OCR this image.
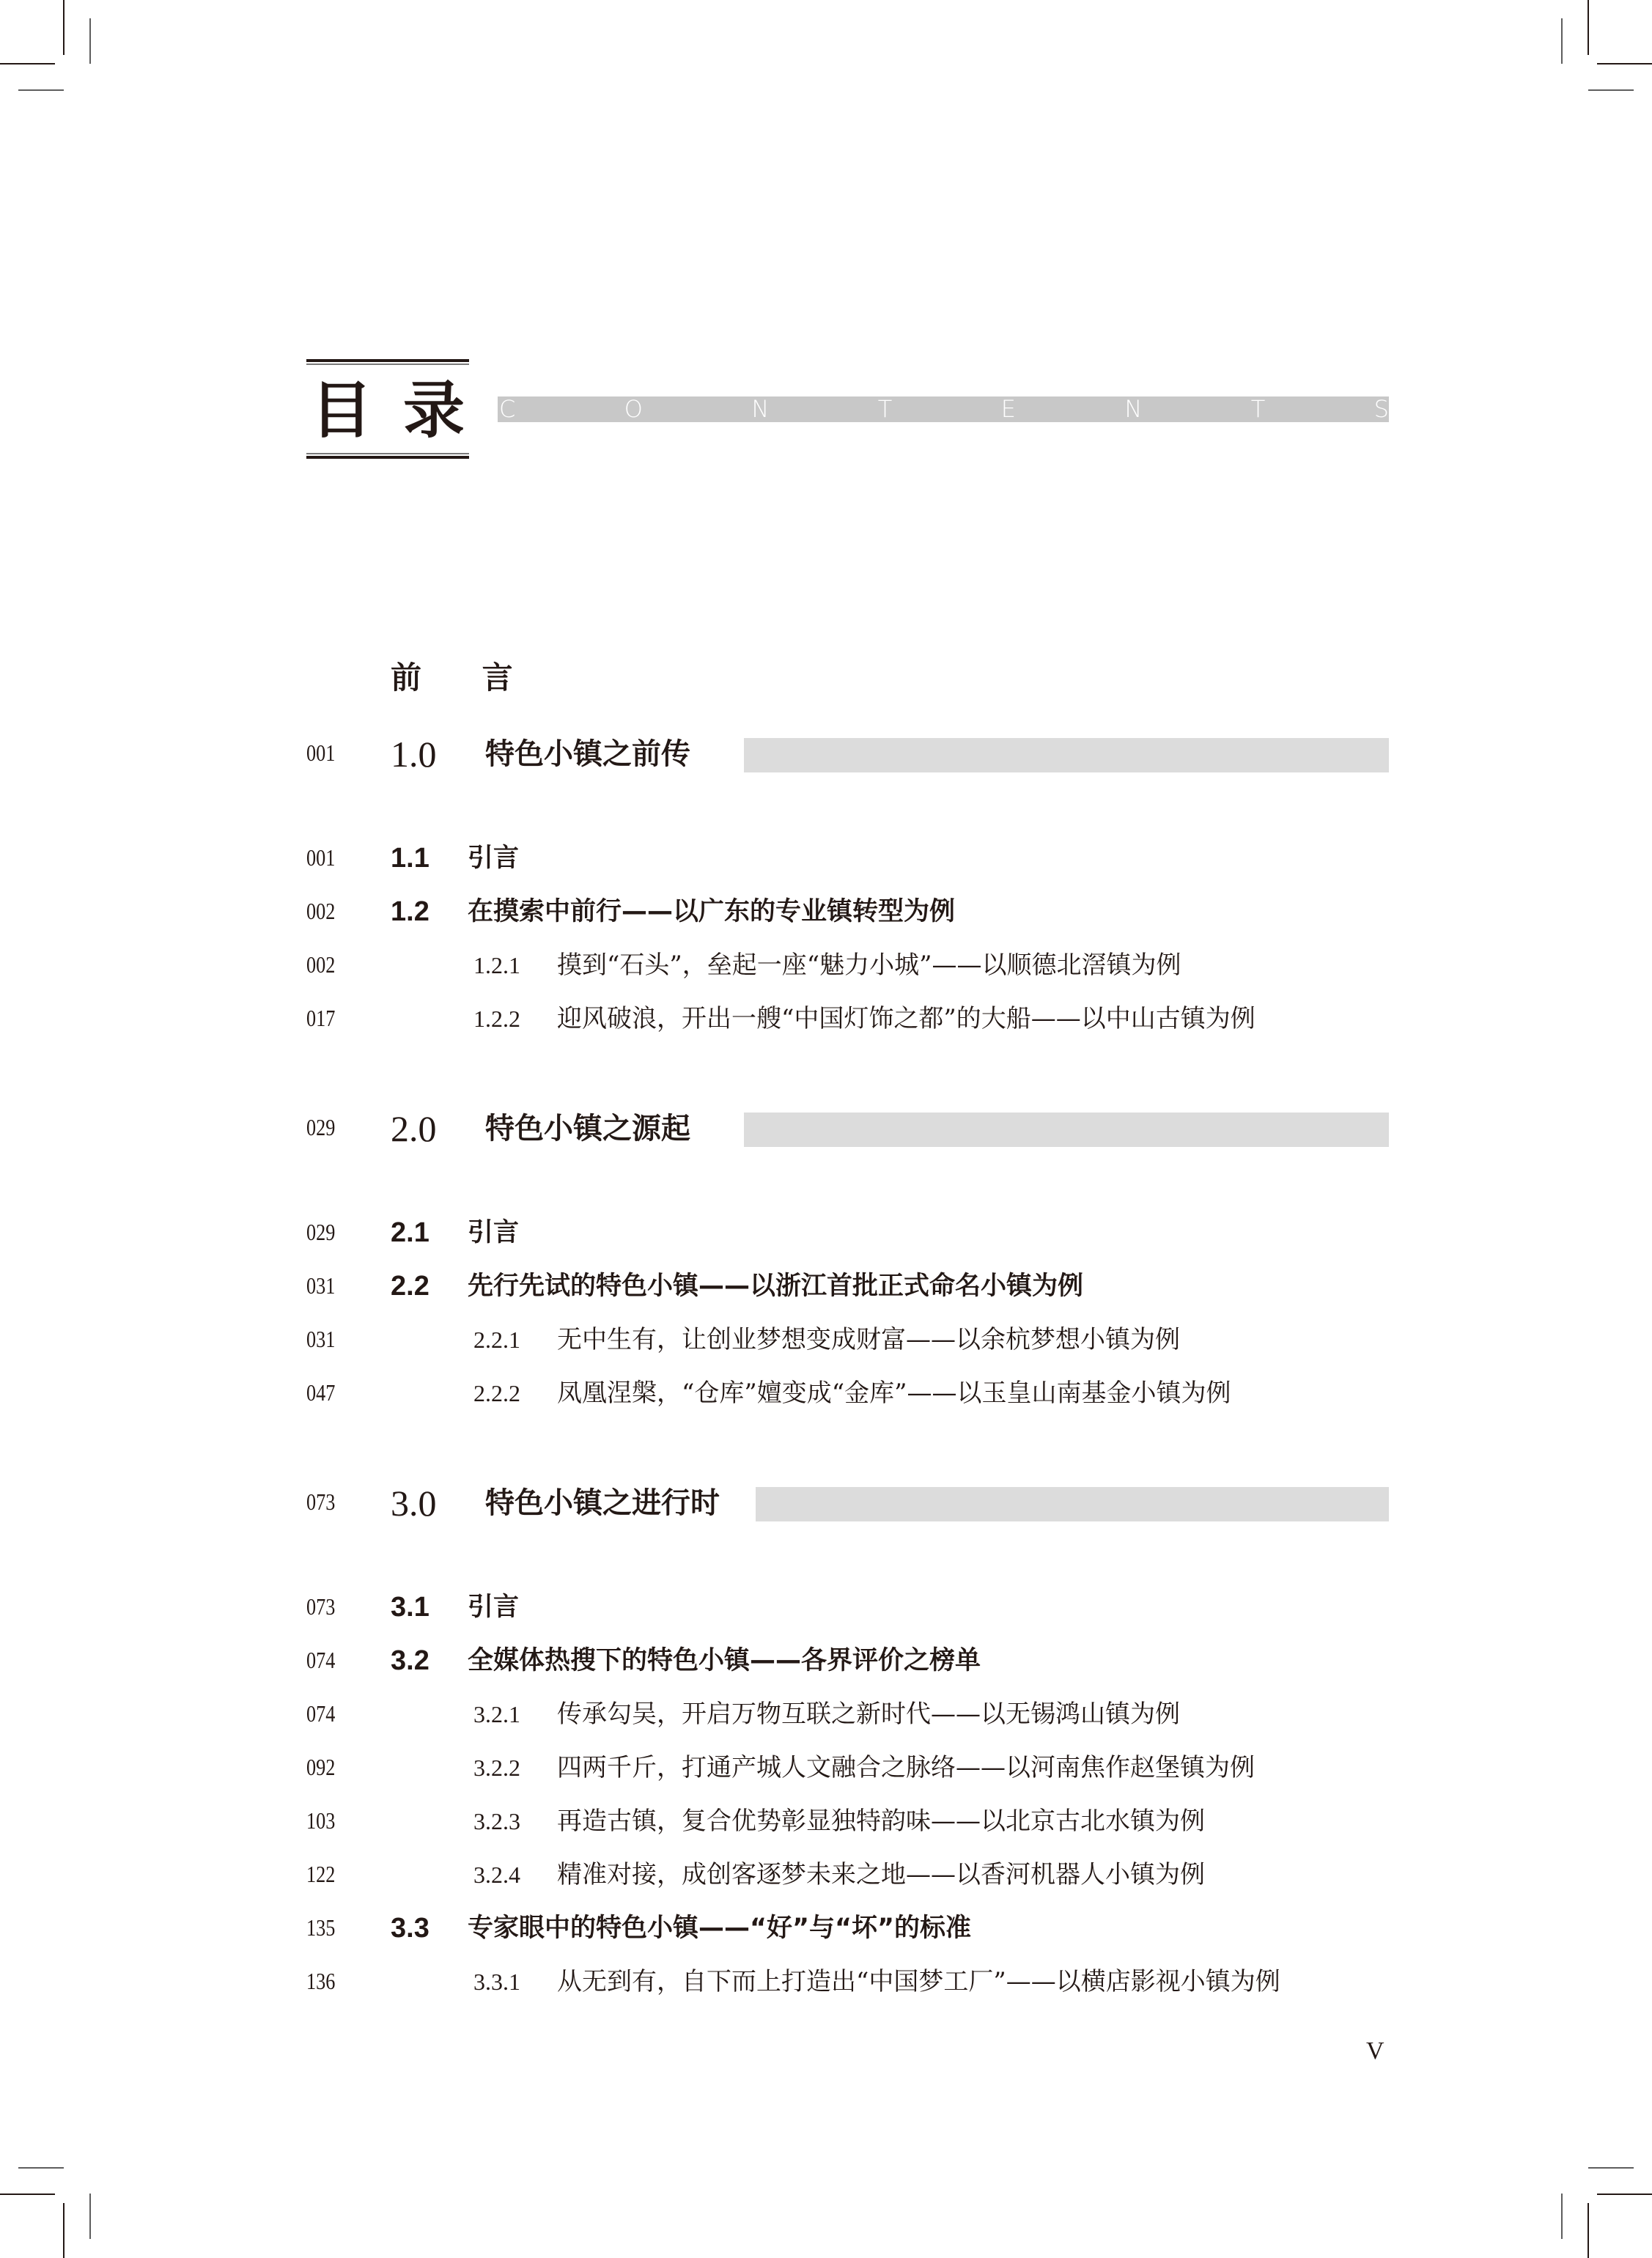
目 录 C	O	N	T	E	N	T	S
前 言
001 1.0 特色小镇之前传
001 1.1 引言
002 1.2 在摸索中前行——以广东的专业镇转型为例
002	1.2.1 摸到“石头”，垒起一座“魅力小城”——以顺德北滘镇为例
017	1.2.2 迎风破浪，开出一艘“中国灯饰之都”的大船——以中山古镇为例
029 2.0 特色小镇之源起
029 2.1 引言
031 2.2 先行先试的特色小镇——以浙江首批正式命名小镇为例
031	2.2.1 无中生有，让创业梦想变成财富——以余杭梦想小镇为例
047	2.2.2 凤凰涅槃，“仓库”嬗变成“金库”——以玉皇山南基金小镇为例
073 3.0 特色小镇之进行时
073 3.1 引言
074 3.2 全媒体热搜下的特色小镇——各界评价之榜单
074	3.2.1 传承勾吴，开启万物互联之新时代——以无锡鸿山镇为例
092	3.2.2 四两千斤，打通产城人文融合之脉络——以河南焦作赵堡镇为例
103	3.2.3 再造古镇，复合优势彰显独特韵味——以北京古北水镇为例
122	3.2.4 精准对接，成创客逐梦未来之地——以香河机器人小镇为例
135 3.3 专家眼中的特色小镇——“好”与“坏”的标准
136	3.3.1 从无到有，自下而上打造出“中国梦工厂”——以横店影视小镇为例
V
